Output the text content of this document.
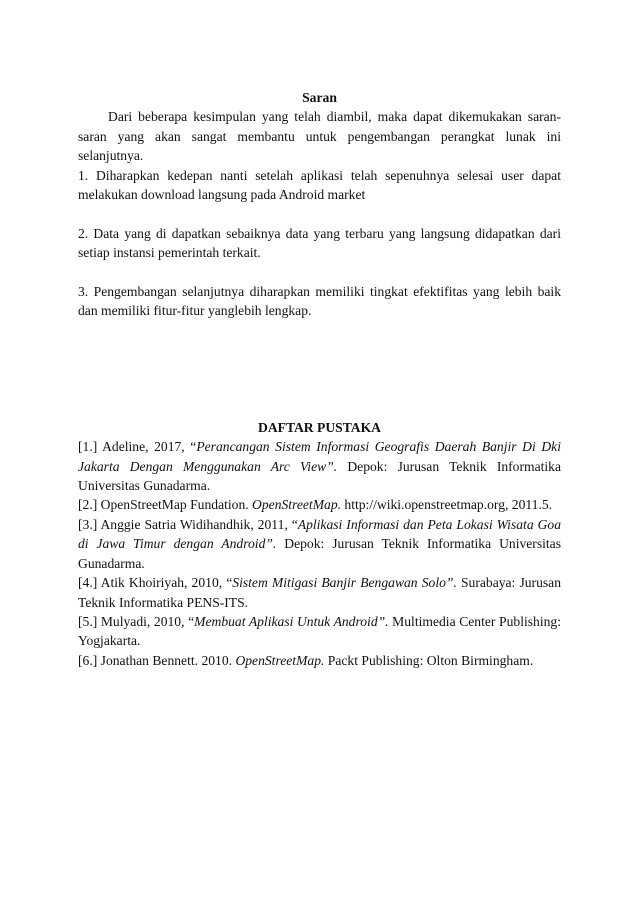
Saran

Dari beberapa kesimpulan yang telah diambil, maka dapat dikemukakan saran-saran yang akan sangat membantu untuk pengembangan perangkat lunak ini selanjutnya.

1. Diharapkan kedepan nanti setelah aplikasi telah sepenuhnya selesai user dapat melakukan download langsung pada Android market

2. Data yang di dapatkan sebaiknya data yang terbaru yang langsung didapatkan dari setiap instansi pemerintah terkait.

3. Pengembangan selanjutnya diharapkan memiliki tingkat efektifitas yang lebih baik dan memiliki fitur-fitur yanglebih lengkap.

DAFTAR PUSTAKA

[1.] Adeline, 2017, “Perancangan Sistem Informasi Geografis Daerah Banjir Di Dki Jakarta Dengan Menggunakan Arc View”. Depok: Jurusan Teknik Informatika Universitas Gunadarma.

[2.] OpenStreetMap Fundation. OpenStreetMap. http://wiki.openstreetmap.org, 2011.5.

[3.] Anggie Satria Widihandhik, 2011, “Aplikasi Informasi dan Peta Lokasi Wisata Goa di Jawa Timur dengan Android”. Depok: Jurusan Teknik Informatika Universitas Gunadarma.

[4.] Atik Khoiriyah, 2010, “Sistem Mitigasi Banjir Bengawan Solo”. Surabaya: Jurusan Teknik Informatika PENS-ITS.

[5.] Mulyadi, 2010, “Membuat Aplikasi Untuk Android”. Multimedia Center Publishing: Yogjakarta.

[6.] Jonathan Bennett. 2010. OpenStreetMap. Packt Publishing: Olton Birmingham.
